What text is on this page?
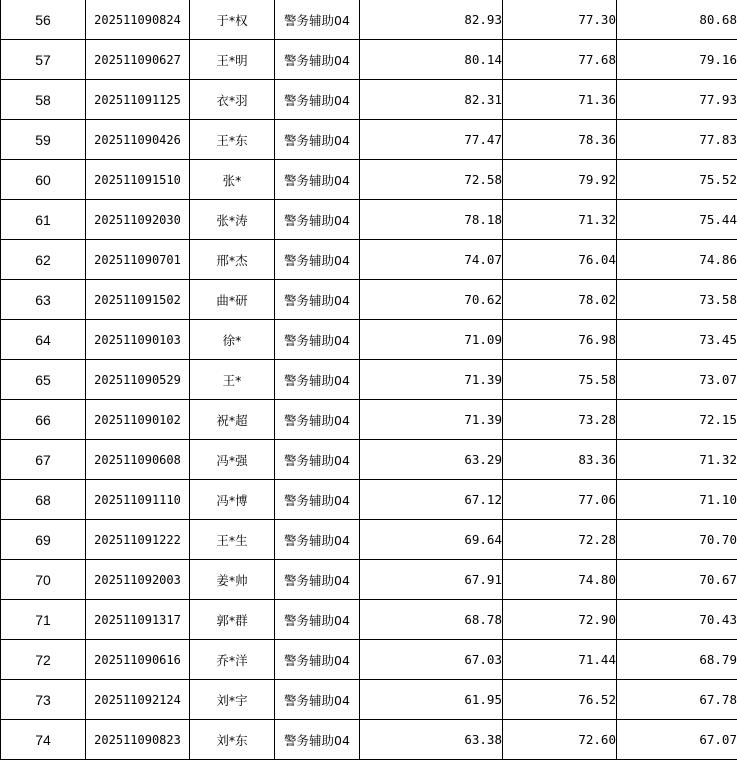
56	202511090824	于*权	警务辅助04	82.93	77.30	80.68
57	202511090627	王*明	警务辅助04	80.14	77.68	79.16
58	202511091125	衣*羽	警务辅助04	82.31	71.36	77.93
59	202511090426	王*东	警务辅助04	77.47	78.36	77.83
60	202511091510	张*	警务辅助04	72.58	79.92	75.52
61	202511092030	张*涛	警务辅助04	78.18	71.32	75.44
62	202511090701	邢*杰	警务辅助04	74.07	76.04	74.86
63	202511091502	曲*研	警务辅助04	70.62	78.02	73.58
64	202511090103	徐*	警务辅助04	71.09	76.98	73.45
65	202511090529	王*	警务辅助04	71.39	75.58	73.07
66	202511090102	祝*超	警务辅助04	71.39	73.28	72.15
67	202511090608	冯*强	警务辅助04	63.29	83.36	71.32
68	202511091110	冯*博	警务辅助04	67.12	77.06	71.10
69	202511091222	王*生	警务辅助04	69.64	72.28	70.70
70	202511092003	姜*帅	警务辅助04	67.91	74.80	70.67
71	202511091317	郭*群	警务辅助04	68.78	72.90	70.43
72	202511090616	乔*洋	警务辅助04	67.03	71.44	68.79
73	202511092124	刘*宇	警务辅助04	61.95	76.52	67.78
74	202511090823	刘*东	警务辅助04	63.38	72.60	67.07
